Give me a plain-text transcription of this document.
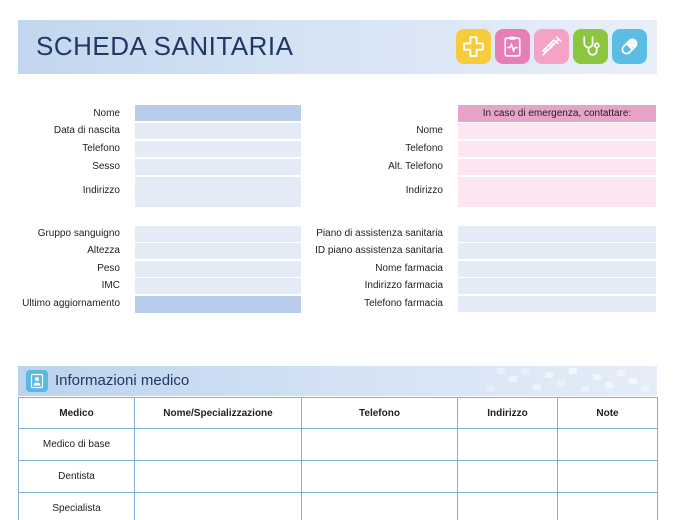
SCHEDA SANITARIA
Nome
Data di nascita
Telefono
Sesso
Indirizzo
In caso di emergenza, contattare:
Nome
Telefono
Alt. Telefono
Indirizzo
Gruppo sanguigno
Altezza
Peso
IMC
Ultimo aggiornamento
Piano di assistenza sanitaria
ID piano assistenza sanitaria
Nome farmacia
Indirizzo farmacia
Telefono farmacia
Informazioni medico
Medico	Nome/Specializzazione	Telefono	Indirizzo	Note
Medico di base				
Dentista				
Specialista				
